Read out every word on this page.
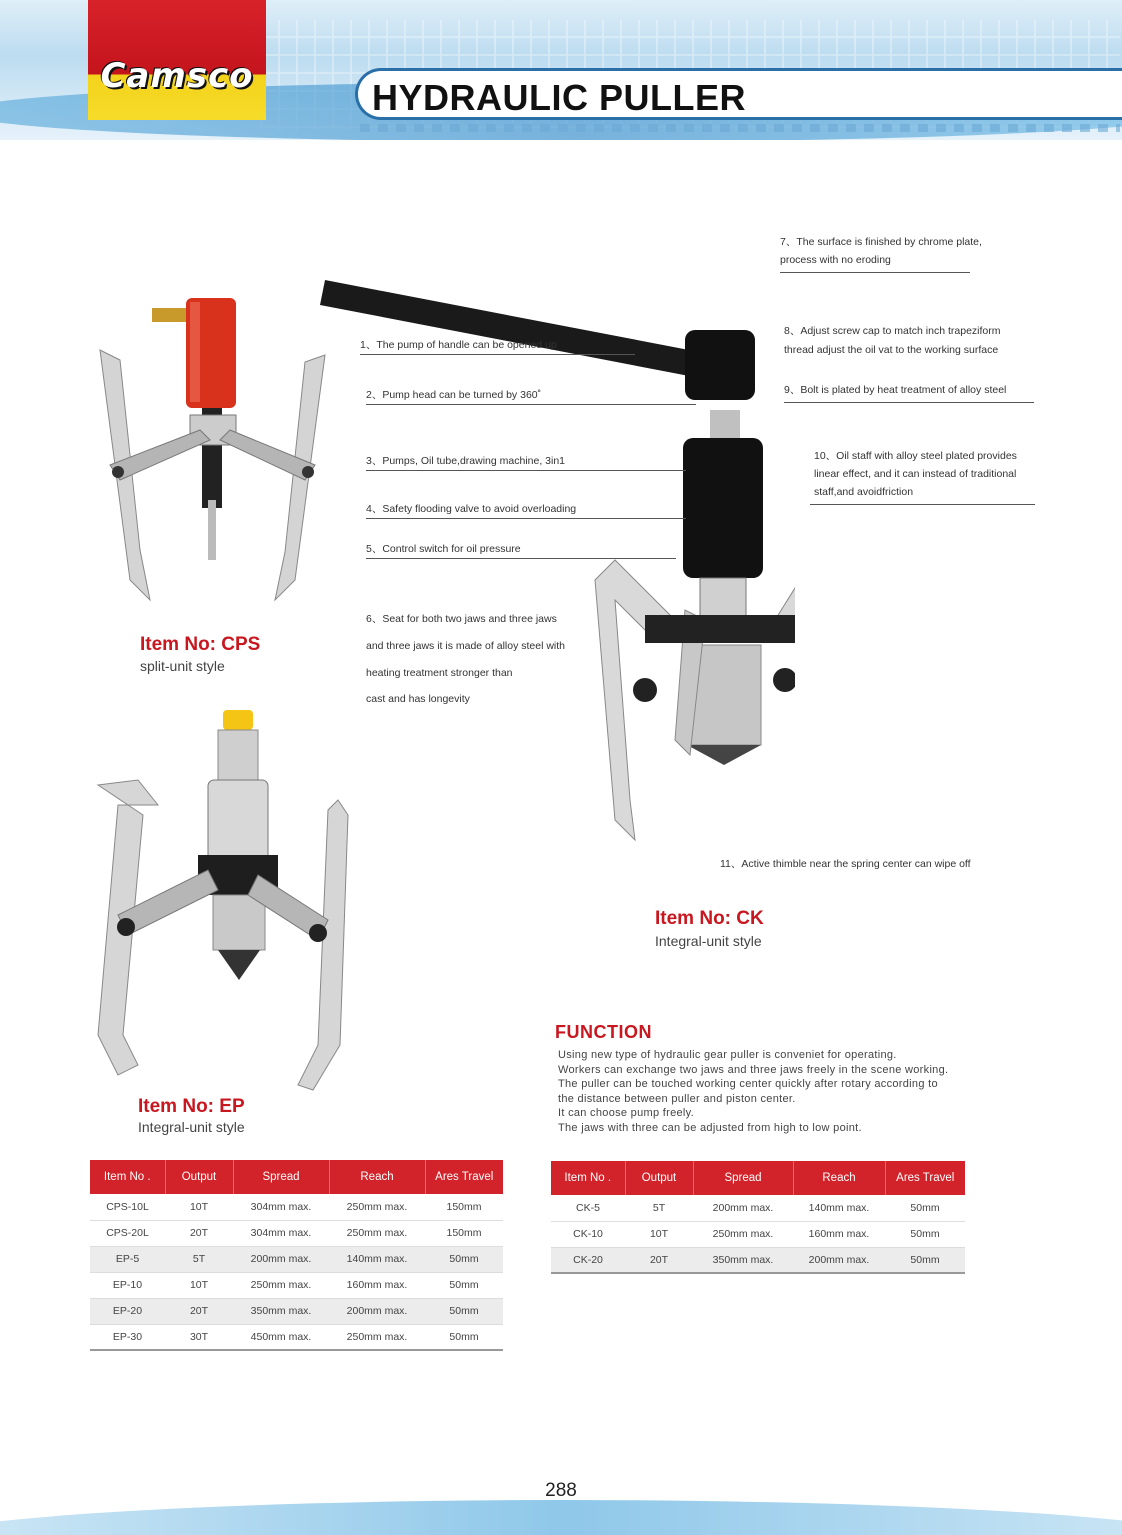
Camsco
HYDRAULIC PULLER
1、The pump of handle can be opened up
2、Pump head can be turned by 360˚
3、Pumps, Oil tube,drawing machine, 3in1
4、Safety flooding valve to avoid overloading
5、Control switch for oil pressure
6、Seat for both two jaws and three jaws
and three jaws it is made of alloy steel with
heating treatment stronger than
cast and has longevity
7、The surface is finished by chrome plate,
process with no eroding
8、Adjust screw cap to match inch trapeziform
thread adjust the oil vat to the working surface
9、Bolt is plated by heat treatment of alloy steel
10、Oil staff with alloy steel plated provides
linear effect, and it can instead of traditional
staff,and avoidfriction
11、Active thimble near the spring center can wipe off
Item No: CPS
split-unit style
Item No: CK
Integral-unit style
Item No: EP
Integral-unit style
FUNCTION
Using new type of hydraulic gear puller is conveniet for operating.
Workers can exchange two jaws and three jaws freely in the scene working.
The puller can be touched working center quickly after rotary according to
the distance between puller and piston center.
It can choose pump freely.
The jaws with three can be adjusted from high to low point.
Item No .	Output	Spread	Reach	Ares Travel
CPS-10L	10T	304mm max.	250mm max.	150mm
CPS-20L	20T	304mm max.	250mm max.	150mm
EP-5	5T	200mm max.	140mm max.	50mm
EP-10	10T	250mm max.	160mm max.	50mm
EP-20	20T	350mm max.	200mm max.	50mm
EP-30	30T	450mm max.	250mm max.	50mm
Item No .	Output	Spread	Reach	Ares Travel
CK-5	5T	200mm max.	140mm max.	50mm
CK-10	10T	250mm max.	160mm max.	50mm
CK-20	20T	350mm max.	200mm max.	50mm
288
